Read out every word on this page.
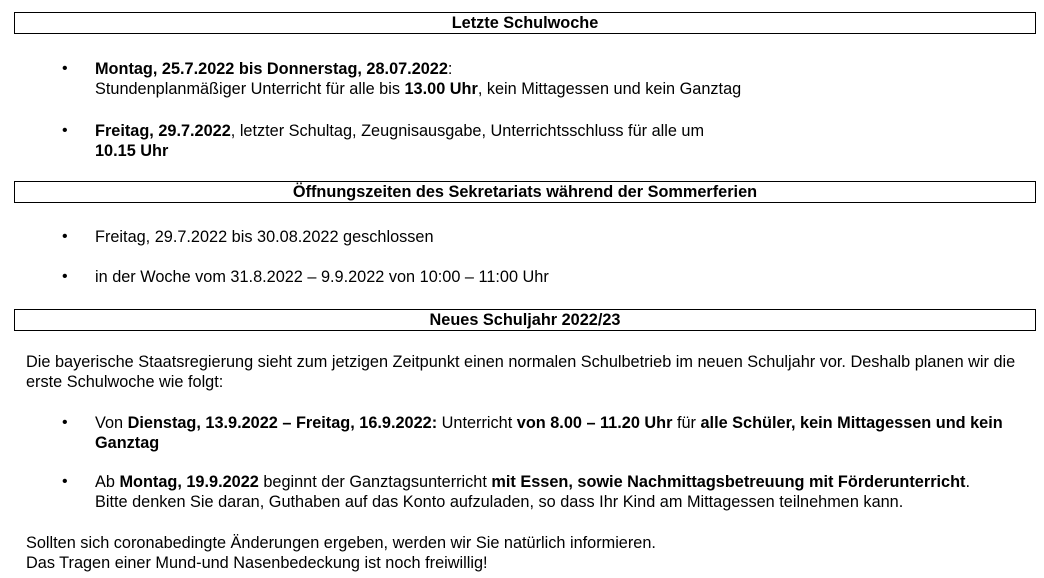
Letzte Schulwoche
• Montag, 25.7.2022 bis Donnerstag, 28.07.2022:
Stundenplanmäßiger Unterricht für alle bis 13.00 Uhr, kein Mittagessen und kein Ganztag
• Freitag, 29.7.2022, letzter Schultag, Zeugnisausgabe, Unterrichtsschluss für alle um
10.15 Uhr
Öffnungszeiten des Sekretariats während der Sommerferien
• Freitag, 29.7.2022 bis 30.08.2022 geschlossen
• in der Woche vom 31.8.2022 – 9.9.2022 von 10:00 – 11:00 Uhr
Neues Schuljahr 2022/23
Die bayerische Staatsregierung sieht zum jetzigen Zeitpunkt einen normalen Schulbetrieb im neuen Schuljahr vor. Deshalb planen wir die erste Schulwoche wie folgt:
• Von Dienstag, 13.9.2022 – Freitag, 16.9.2022: Unterricht von 8.00 – 11.20 Uhr für alle Schüler, kein Mittagessen und kein Ganztag
• Ab Montag, 19.9.2022 beginnt der Ganztagsunterricht mit Essen, sowie Nachmittagsbetreuung mit Förderunterricht.
Bitte denken Sie daran, Guthaben auf das Konto aufzuladen, so dass Ihr Kind am Mittagessen teilnehmen kann.
Sollten sich coronabedingte Änderungen ergeben, werden wir Sie natürlich informieren.
Das Tragen einer Mund-und Nasenbedeckung ist noch freiwillig!
